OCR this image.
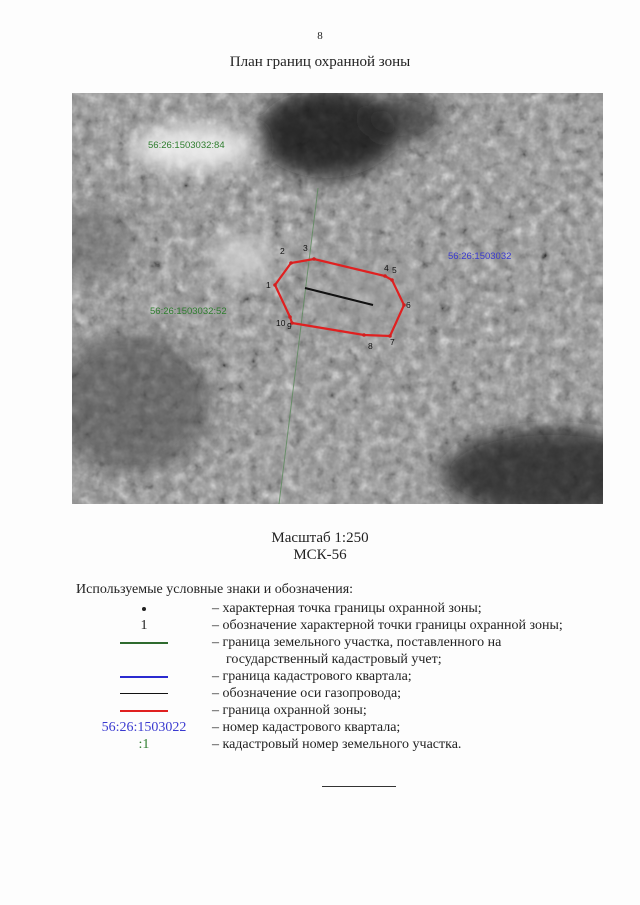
8
План границ охранной зоны
56:26:1503032:84
56:26:1503032
56:26:1503032:52
1
2 3
4 5
6
7
8
9
10
Масштаб 1:250
МСК-56
Используемые условные знаки и обозначения:
– характерная точка границы охранной зоны;
1	– обозначение характерной точки границы охранной зоны;
– граница земельного участка, поставленного на
государственный кадастровый учет;
– граница кадастрового квартала;
– обозначение оси газопровода;
– граница охранной зоны;
56:26:1503022	– номер кадастрового квартала;
:1	– кадастровый номер земельного участка.
